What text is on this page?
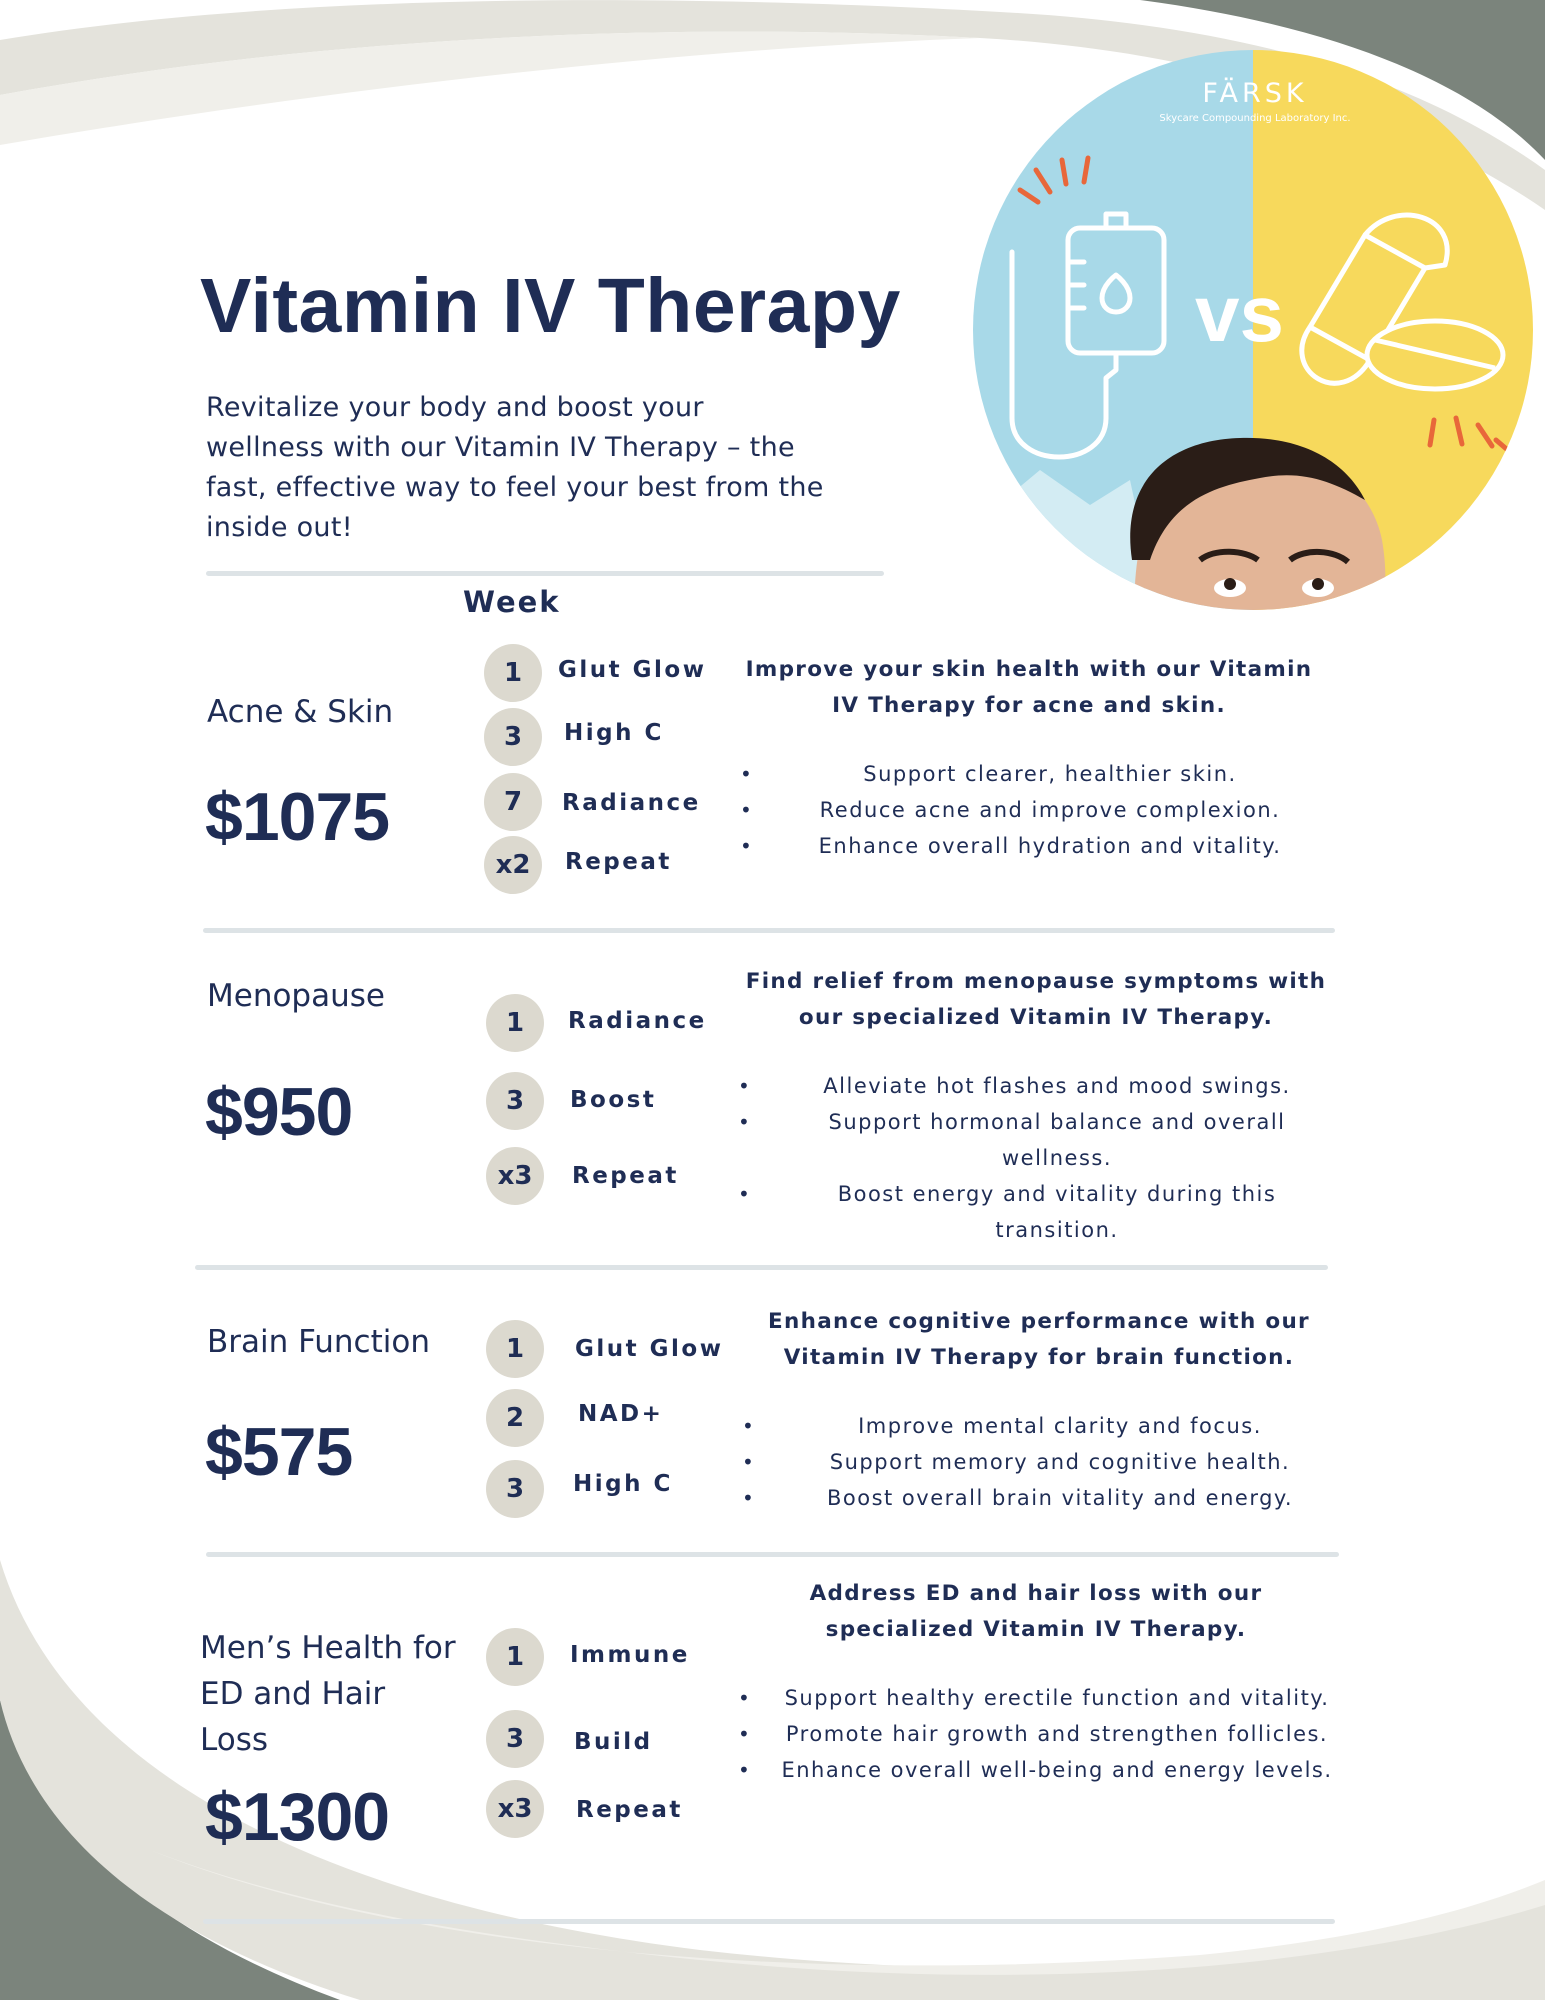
FÄRSK
Skycare Compounding Laboratory Inc.
vs
Vitamin IV Therapy

Revitalize your body and boost your wellness with our Vitamin IV Therapy – the fast, effective way to feel your best from the inside out!

Week
Acne & Skin
$1075
1	Glut Glow
3	High C
7	Radiance
x2	Repeat

Improve your skin health with our Vitamin IV Therapy for acne and skin.

•	Support clearer, healthier skin.
•	Reduce acne and improve complexion.
•	Enhance overall hydration and vitality.
Menopause
$950
1	Radiance
3	Boost
x3	Repeat

Find relief from menopause symptoms with our specialized Vitamin IV Therapy.

•	Alleviate hot flashes and mood swings.
•	Support hormonal balance and overall wellness.
•	Boost energy and vitality during this transition.
Brain Function
$575
1	Glut Glow
2	NAD+
3	High C

Enhance cognitive performance with our Vitamin IV Therapy for brain function.

•	Improve mental clarity and focus.
•	Support memory and cognitive health.
•	Boost overall brain vitality and energy.
Men’s Health for ED and Hair Loss
$1300
1	Immune
3	Build
x3	Repeat

Address ED and hair loss with our specialized Vitamin IV Therapy.

• Support healthy erectile function and vitality.
• Promote hair growth and strengthen follicles.
• Enhance overall well-being and energy levels.
